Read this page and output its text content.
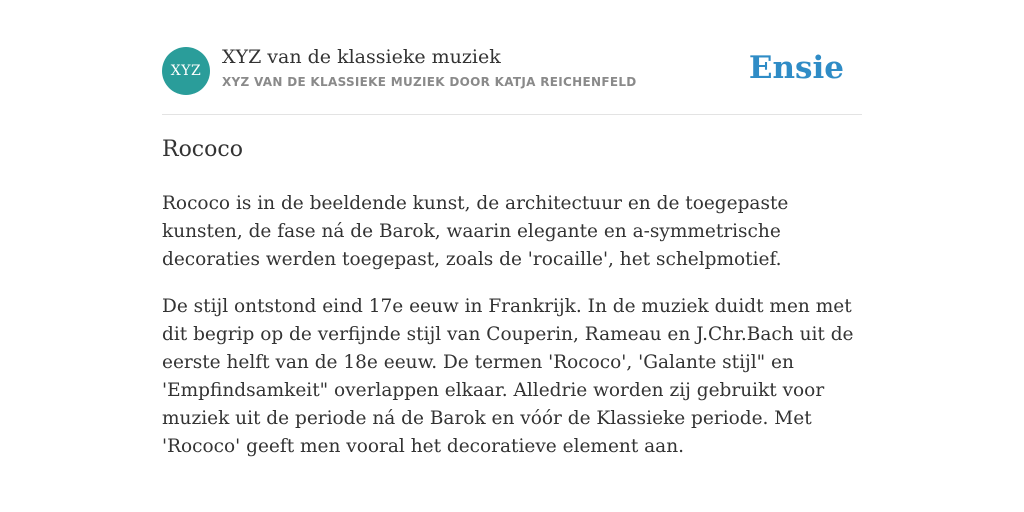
XYZ
XYZ van de klassieke muziek
XYZ VAN DE KLASSIEKE MUZIEK DOOR KATJA REICHENFELD	Ensie
Rococo

Rococo is in de beeldende kunst, de architectuur en de toegepaste kunsten, de fase ná de Barok, waarin elegante en a-symmetrische decoraties werden toegepast, zoals de 'rocaille', het schelpmotief.

De stijl ontstond eind 17e eeuw in Frankrijk. In de muziek duidt men met dit begrip op de verfijnde stijl van Couperin, Rameau en J.Chr.Bach uit de eerste helft van de 18e eeuw. De termen 'Rococo', 'Galante stijl" en 'Empfindsamkeit" overlappen elkaar. Alledrie worden zij gebruikt voor muziek uit de periode ná de Barok en vóór de Klassieke periode. Met 'Rococo' geeft men vooral het decoratieve element aan.
